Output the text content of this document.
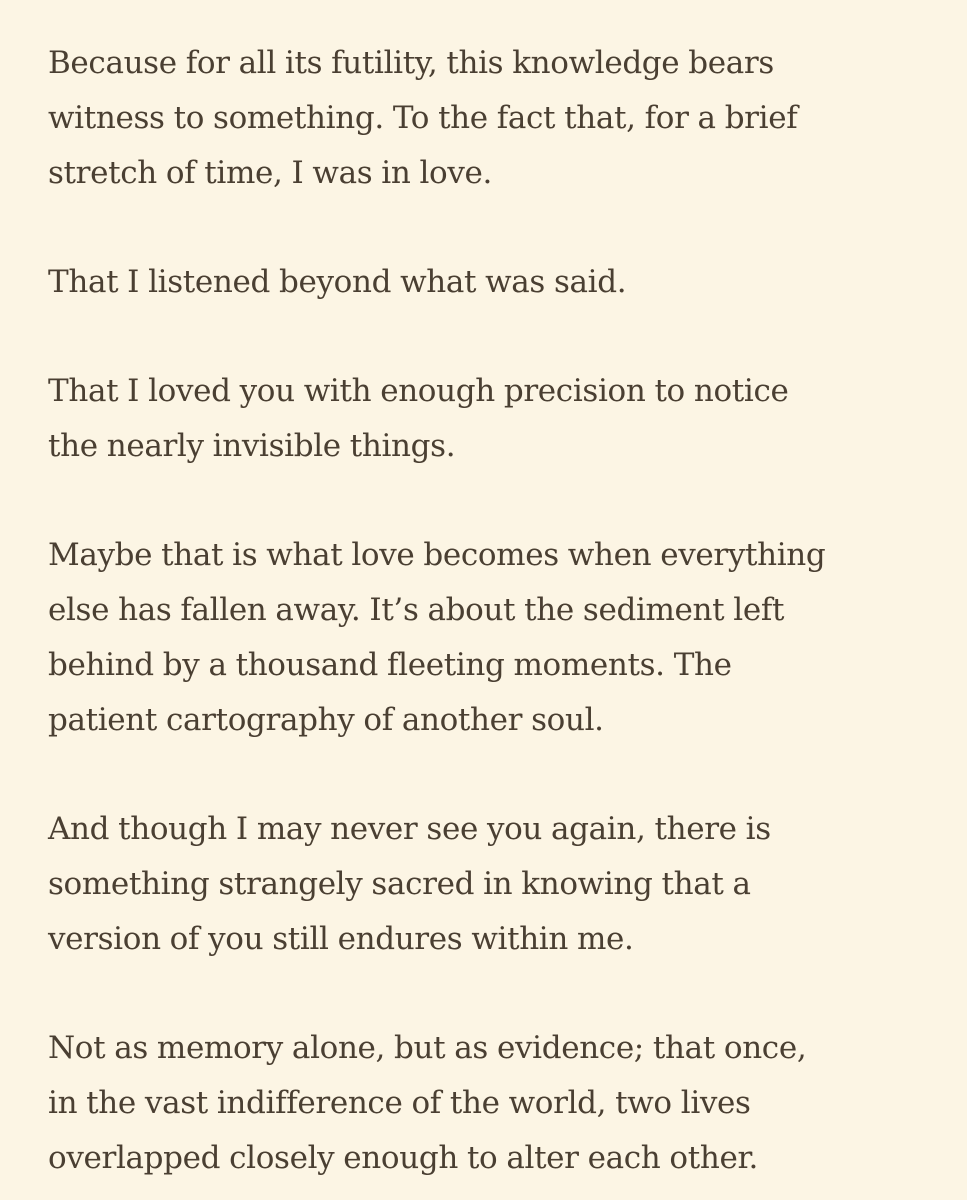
Because for all its futility, this knowledge bears
witness to something. To the fact that, for a brief
stretch of time, I was in love.

That I listened beyond what was said.

That I loved you with enough precision to notice
the nearly invisible things.

Maybe that is what love becomes when everything
else has fallen away. It’s about the sediment left
behind by a thousand fleeting moments. The
patient cartography of another soul.

And though I may never see you again, there is
something strangely sacred in knowing that a
version of you still endures within me.

Not as memory alone, but as evidence; that once,
in the vast indifference of the world, two lives
overlapped closely enough to alter each other.
